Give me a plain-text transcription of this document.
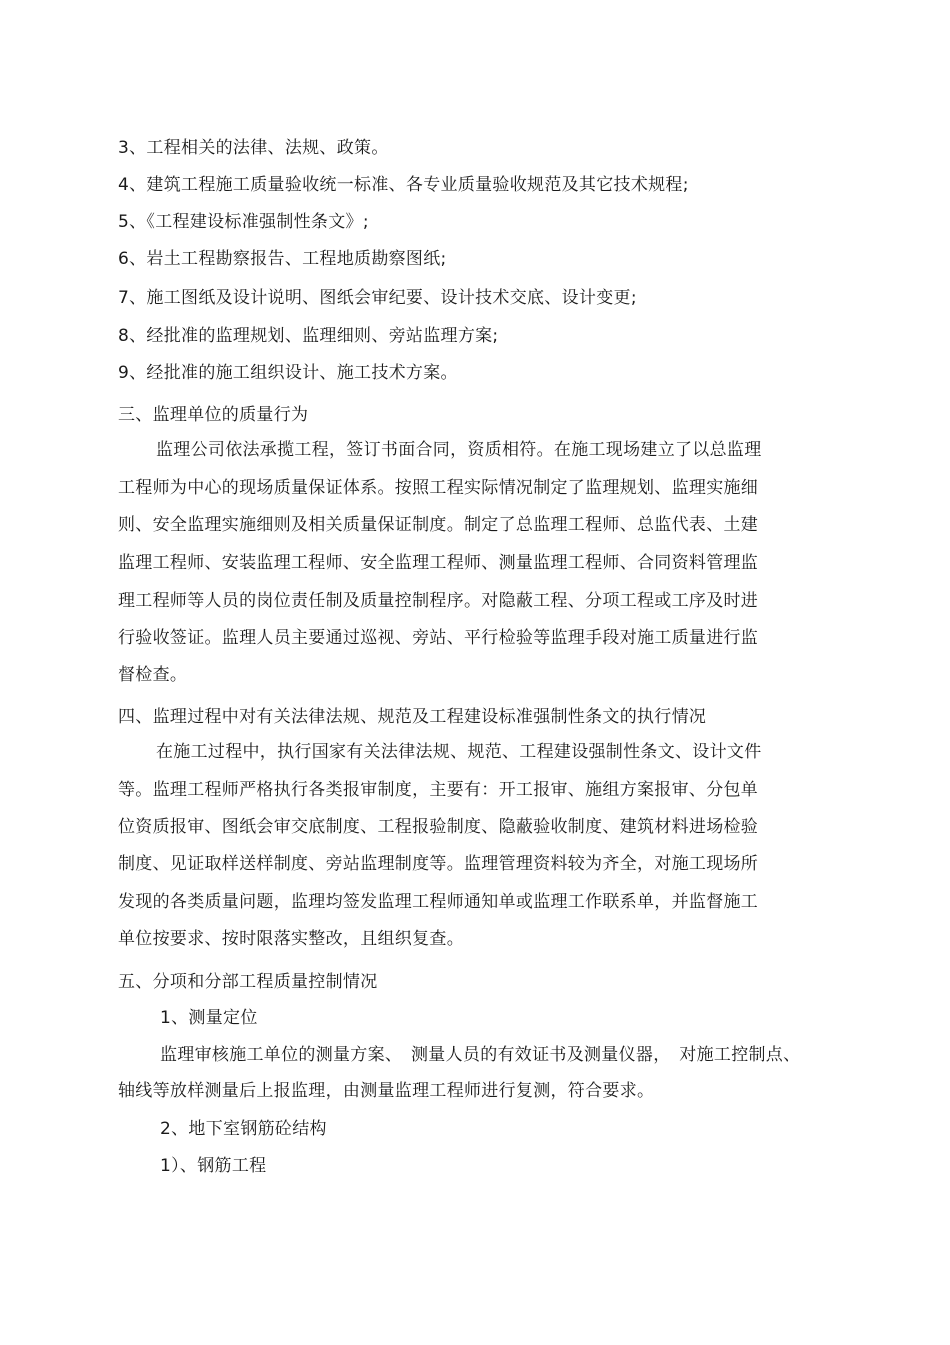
3、工程相关的法律、法规、政策。
4、建筑工程施工质量验收统一标准、各专业质量验收规范及其它技术规程;
5、《工程建设标准强制性条文》;
6、岩土工程勘察报告、工程地质勘察图纸;
7、施工图纸及设计说明、图纸会审纪要、设计技术交底、设计变更;
8、经批准的监理规划、监理细则、旁站监理方案;
9、经批准的施工组织设计、施工技术方案。
三、监理单位的质量行为
监理公司依法承揽工程，签订书面合同，资质相符。在施工现场建立了以总监理
工程师为中心的现场质量保证体系。按照工程实际情况制定了监理规划、监理实施细
则、安全监理实施细则及相关质量保证制度。制定了总监理工程师、总监代表、土建
监理工程师、安装监理工程师、安全监理工程师、测量监理工程师、合同资料管理监
理工程师等人员的岗位责任制及质量控制程序。对隐蔽工程、分项工程或工序及时进
行验收签证。监理人员主要通过巡视、旁站、平行检验等监理手段对施工质量进行监
督检查。
四、监理过程中对有关法律法规、规范及工程建设标准强制性条文的执行情况
在施工过程中，执行国家有关法律法规、规范、工程建设强制性条文、设计文件
等。监理工程师严格执行各类报审制度，主要有：开工报审、施组方案报审、分包单
位资质报审、图纸会审交底制度、工程报验制度、隐蔽验收制度、建筑材料进场检验
制度、见证取样送样制度、旁站监理制度等。监理管理资料较为齐全，对施工现场所
发现的各类质量问题，监理均签发监理工程师通知单或监理工作联系单，并监督施工
单位按要求、按时限落实整改，且组织复查。
五、分项和分部工程质量控制情况
1、测量定位
监理审核施工单位的测量方案、　测量人员的有效证书及测量仪器，　对施工控制点、
轴线等放样测量后上报监理，由测量监理工程师进行复测，符合要求。
2、地下室钢筋砼结构
1）、钢筋工程
